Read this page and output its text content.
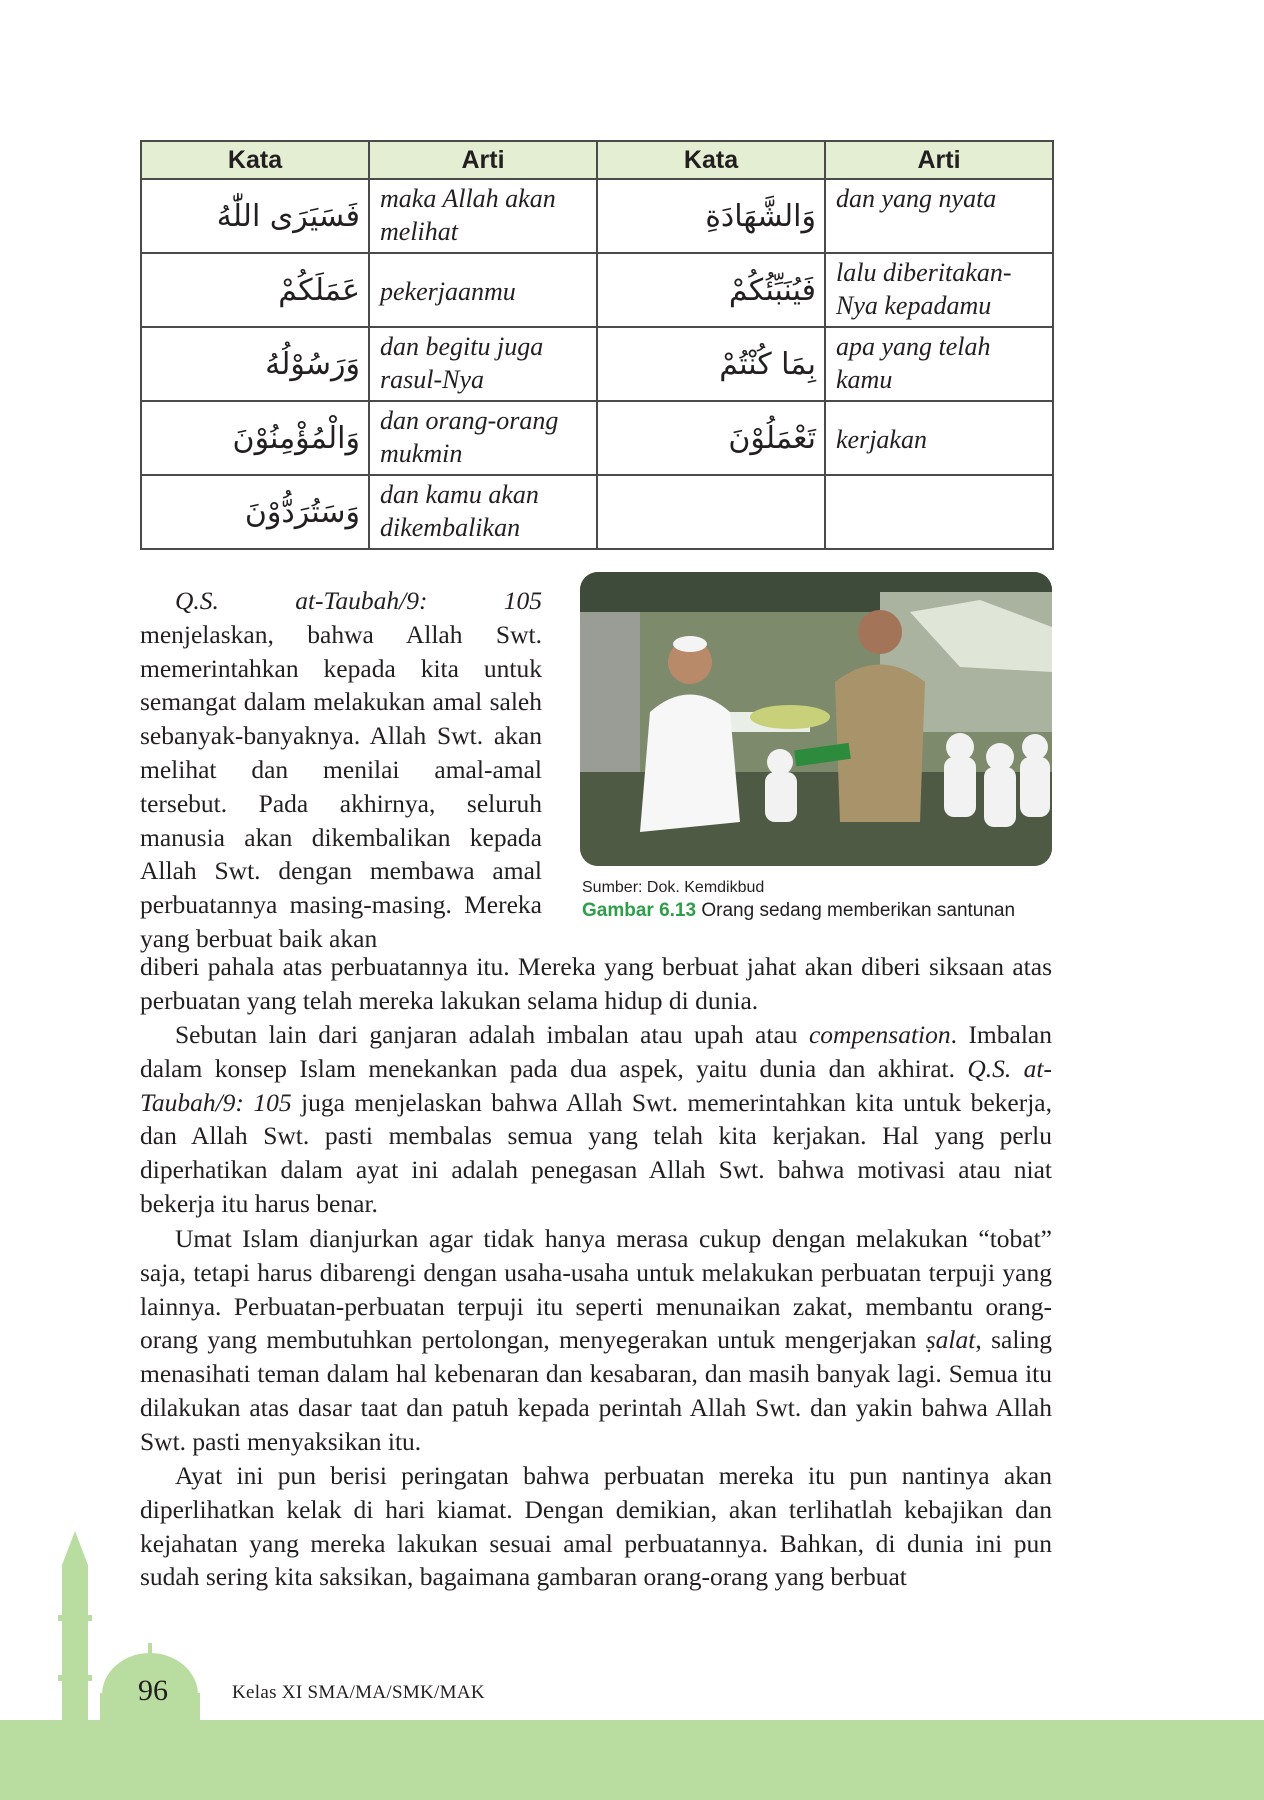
Kata	Arti	Kata	Arti
فَسَيَرَى اللّٰهُ	maka Allah akan melihat	وَالشَّهَادَةِ	dan yang nyata
عَمَلَكُمْ	pekerjaanmu	فَيُنَبِّئُكُمْ	lalu diberitakan-Nya kepadamu
وَرَسُوْلُهُ	dan begitu juga rasul-Nya	بِمَا كُنْتُمْ	apa yang telah kamu
وَالْمُؤْمِنُوْنَ	dan orang-orang mukmin	تَعْمَلُوْنَ	kerjakan
وَسَتُرَدُّوْنَ	dan kamu akan dikembalikan		

Q.S. at-Taubah/9: 105 menjelaskan, bahwa Allah Swt. memerintahkan kepada kita untuk semangat dalam melakukan amal saleh sebanyak-banyaknya. Allah Swt. akan melihat dan menilai amal-amal tersebut. Pada akhirnya, seluruh manusia akan dikembalikan kepada Allah Swt. dengan membawa amal perbuatannya masing-masing. Mereka yang berbuat baik akan

diberi pahala atas perbuatannya itu. Mereka yang berbuat jahat akan diberi siksaan atas perbuatan yang telah mereka lakukan selama hidup di dunia.

Sebutan lain dari ganjaran adalah imbalan atau upah atau compensation. Imbalan dalam konsep Islam menekankan pada dua aspek, yaitu dunia dan akhirat. Q.S. at-Taubah/9: 105 juga menjelaskan bahwa Allah Swt. memerintahkan kita untuk bekerja, dan Allah Swt. pasti membalas semua yang telah kita kerjakan. Hal yang perlu diperhatikan dalam ayat ini adalah penegasan Allah Swt. bahwa motivasi atau niat bekerja itu harus benar.

Umat Islam dianjurkan agar tidak hanya merasa cukup dengan melakukan “tobat” saja, tetapi harus dibarengi dengan usaha-usaha untuk melakukan perbuatan terpuji yang lainnya. Perbuatan-perbuatan terpuji itu seperti menunaikan zakat, membantu orang-orang yang membutuhkan pertolongan, menyegerakan untuk mengerjakan ṣalat, saling menasihati teman dalam hal kebenaran dan kesabaran, dan masih banyak lagi. Semua itu dilakukan atas dasar taat dan patuh kepada perintah Allah Swt. dan yakin bahwa Allah Swt. pasti menyaksikan itu.

Ayat ini pun berisi peringatan bahwa perbuatan mereka itu pun nantinya akan diperlihatkan kelak di hari kiamat. Dengan demikian, akan terlihatlah kebajikan dan kejahatan yang mereka lakukan sesuai amal perbuatannya. Bahkan, di dunia ini pun sudah sering kita saksikan, bagaimana gambaran orang-orang yang berbuat

Sumber: Dok. Kemdikbud
Gambar 6.13 Orang sedang memberikan santunan
96	Kelas XI SMA/MA/SMK/MAK
